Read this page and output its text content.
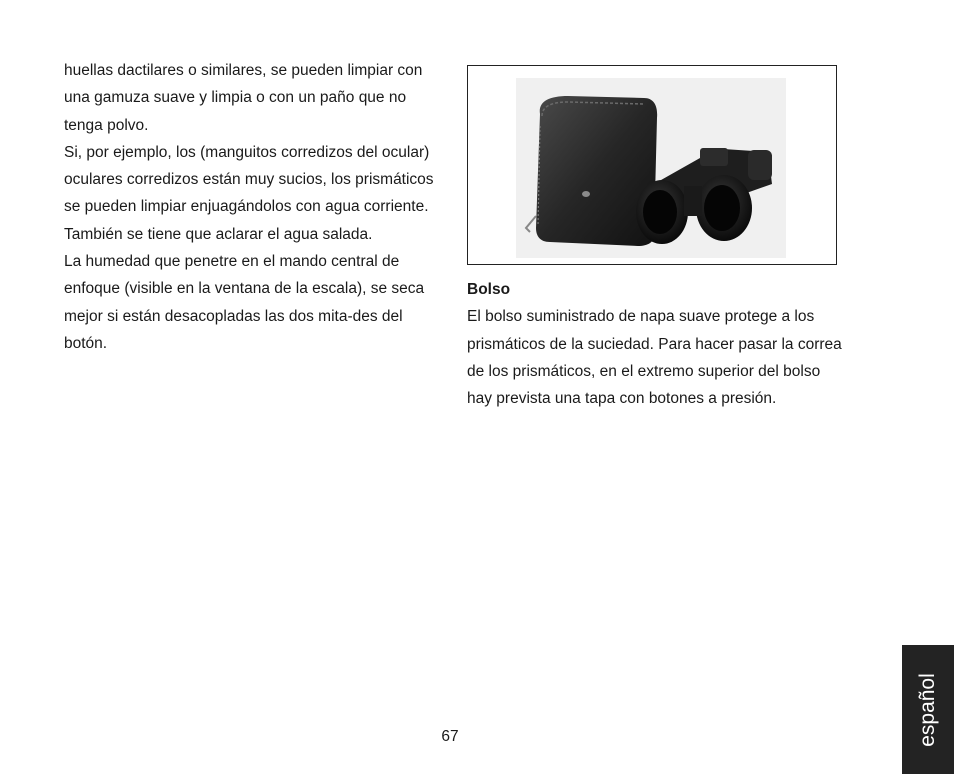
huellas dactilares o similares, se pueden limpiar con una gamuza suave y limpia o con un paño que no tenga polvo.

Si, por ejemplo, los (manguitos corredizos del ocular) oculares corredizos están muy sucios, los prismáticos se pueden limpiar enjuagándolos con agua corriente. También se tiene que aclarar el agua salada.

La humedad que penetre en el mando central de enfoque (visible en la ventana de la escala), se seca mejor si están desacopladas las dos mita-des del botón.

Bolso

El bolso suministrado de napa suave protege a los prismáticos de la suciedad. Para hacer pasar la correa de los prismáticos, en el extremo superior del bolso hay prevista una tapa con botones a presión.

67	español
